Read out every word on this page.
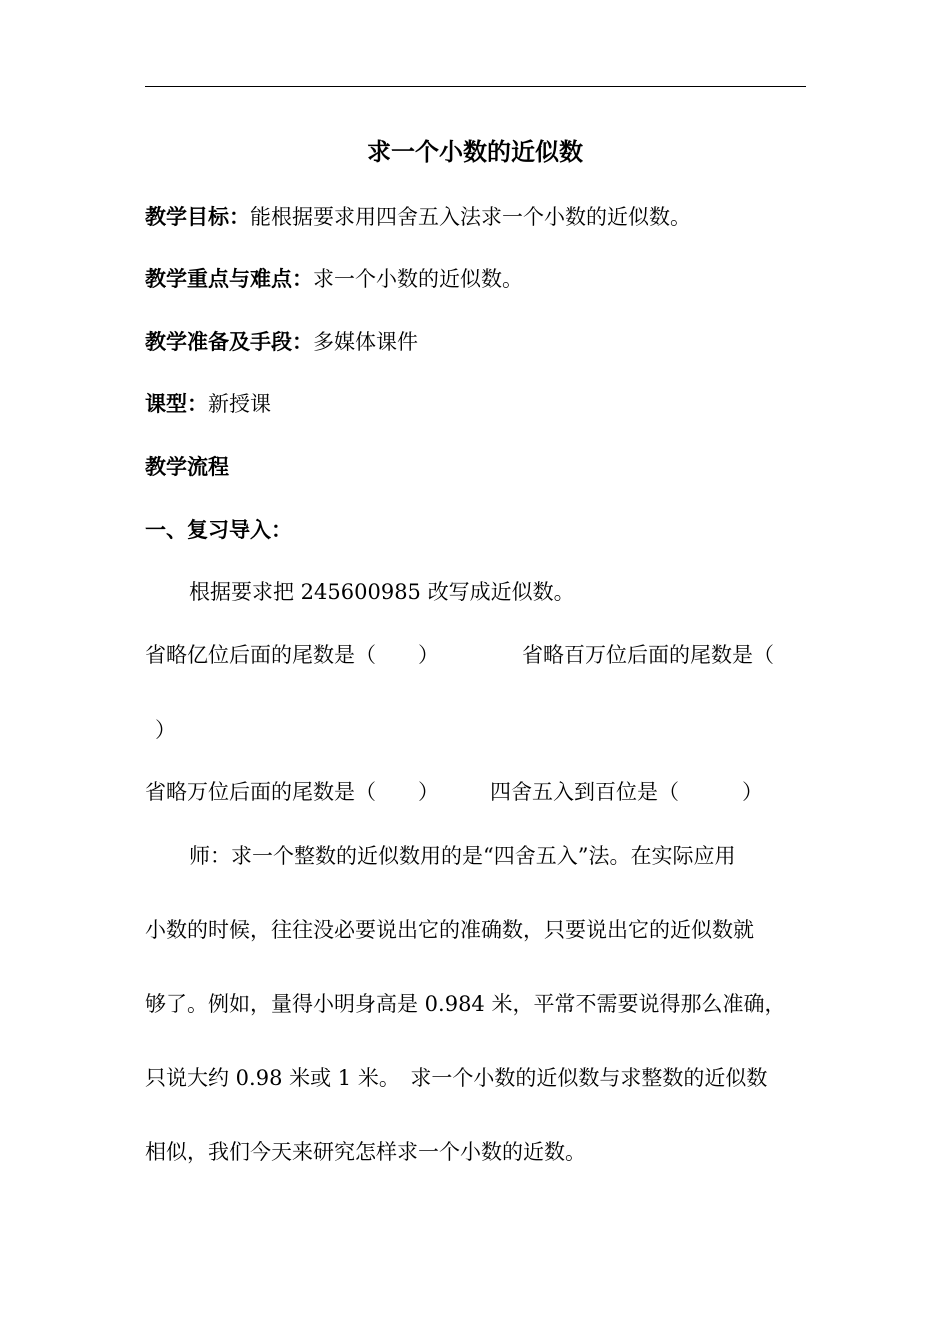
求一个小数的近似数
教学目标：能根据要求用四舍五入法求一个小数的近似数。
教学重点与难点：求一个小数的近似数。
教学准备及手段：多媒体课件
课型：新授课
教学流程
一、复习导入：
根据要求把 245600985 改写成近似数。
省略亿位后面的尾数是（　　）	省略百万位后面的尾数是（
）
省略万位后面的尾数是（　　） 四舍五入到百位是（　　　）
师：求一个整数的近似数用的是“四舍五入”法。在实际应用
小数的时候，往往没必要说出它的准确数，只要说出它的近似数就
够了。例如，量得小明身高是 0.984 米，平常不需要说得那么准确，
只说大约 0.98 米或 1 米。　求一个小数的近似数与求整数的近似数
相似，我们今天来研究怎样求一个小数的近数。
